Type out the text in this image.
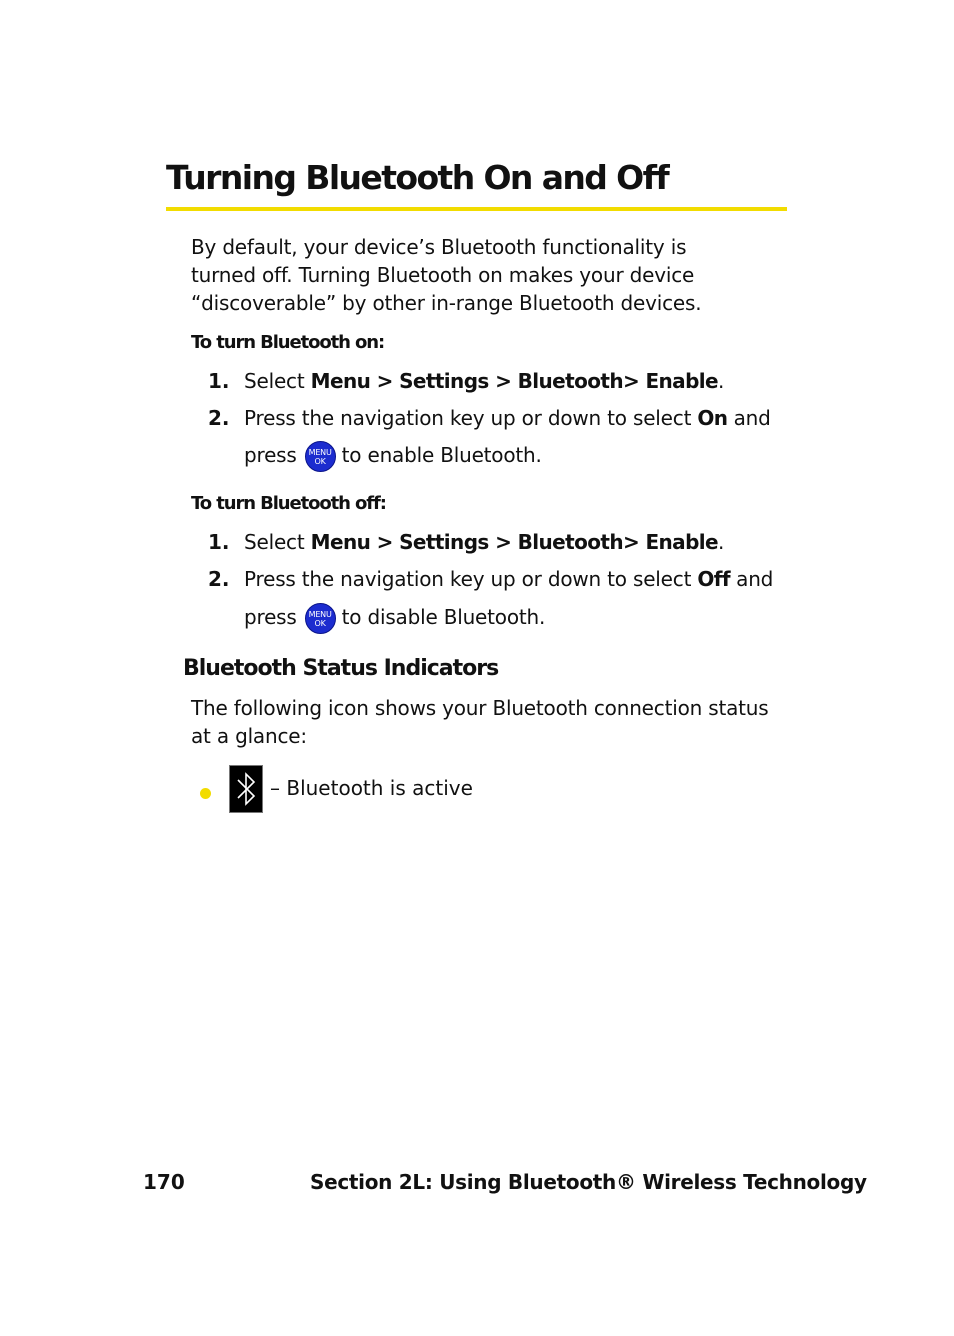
Turning Bluetooth On and Off
By default, your device’s Bluetooth functionality is turned off. Turning Bluetooth on makes your device “discoverable” by other in-range Bluetooth devices.
To turn Bluetooth on:
1. Select Menu > Settings > Bluetooth> Enable.
2. Press the navigation key up or down to select On and
press MENU
OK to enable Bluetooth.
To turn Bluetooth off:
1. Select Menu > Settings > Bluetooth> Enable.
2. Press the navigation key up or down to select Off and
press MENU
OK to disable Bluetooth.
Bluetooth Status Indicators
The following icon shows your Bluetooth connection status at a glance:
– Bluetooth is active
170	Section 2L: Using Bluetooth® Wireless Technology
